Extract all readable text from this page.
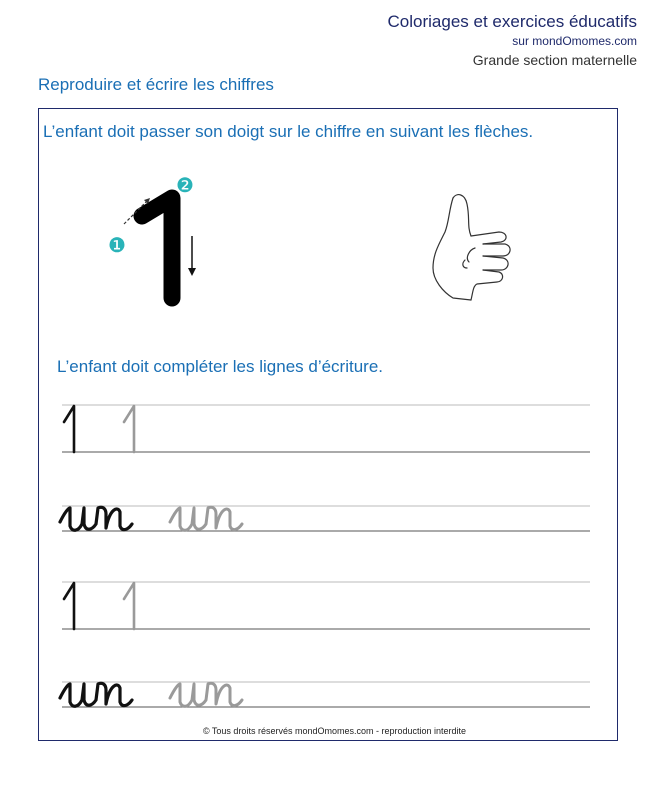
Coloriages et exercices éducatifs
sur mondOmomes.com
Grande section maternelle
Reproduire et écrire les chiffres
L’enfant doit passer son doigt sur le chiffre en suivant les flèches.
❶
❷
L’enfant doit compléter les lignes d’écriture.
© Tous droits réservés mondOmomes.com - reproduction interdite
